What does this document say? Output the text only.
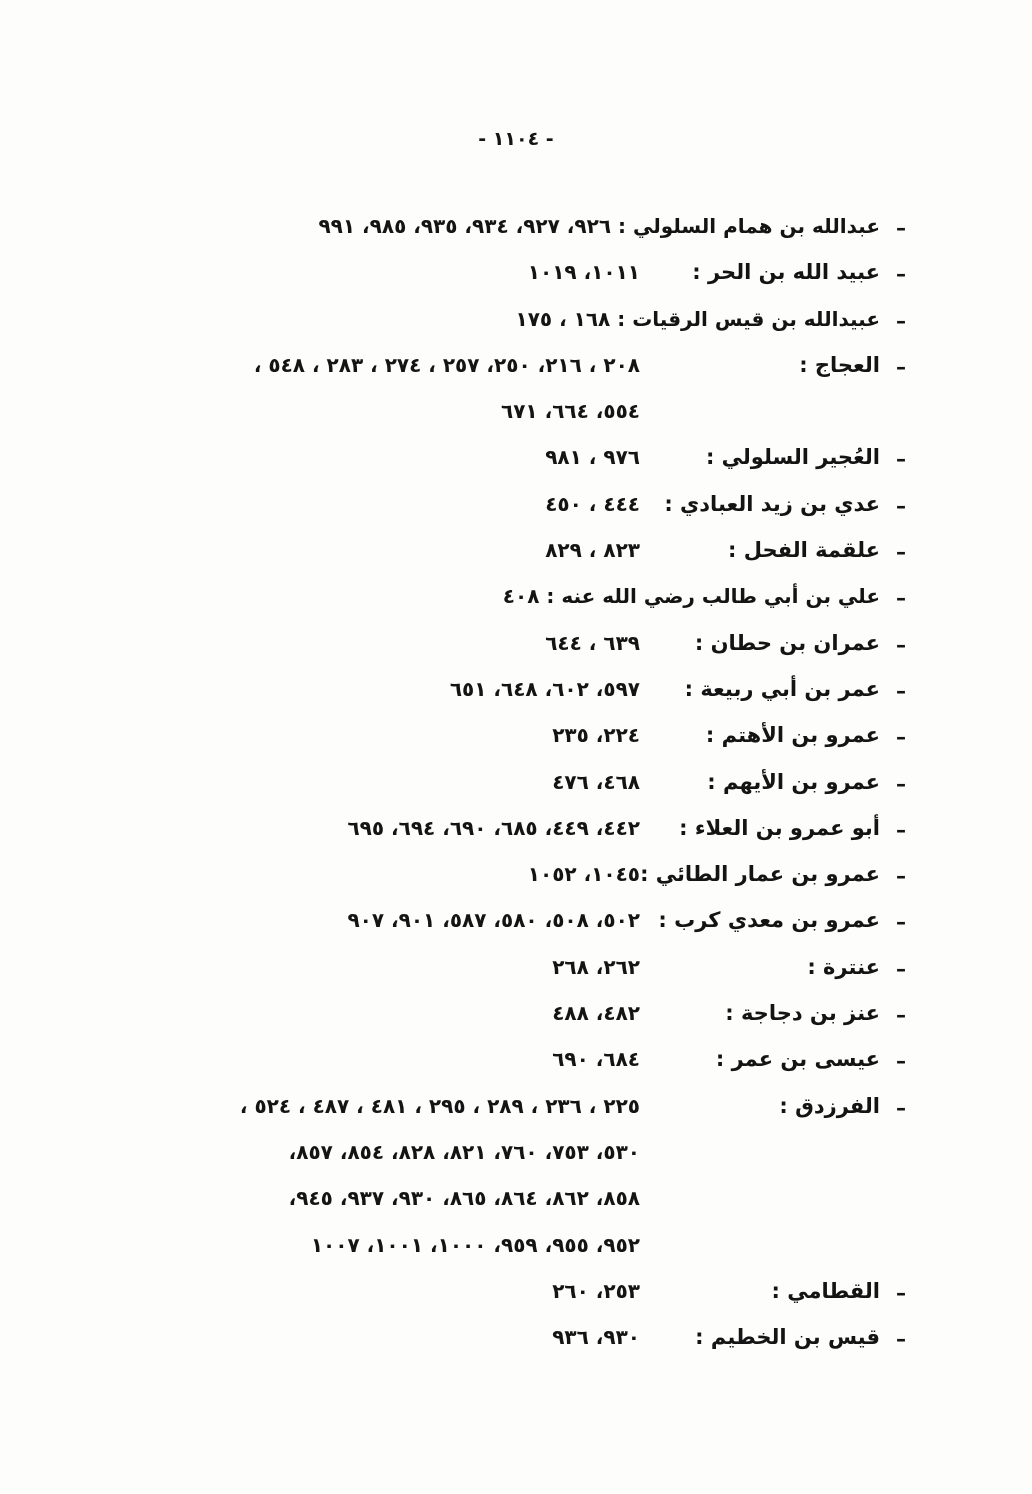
- ١١٠٤ -
–
عبدالله بن همام السلولي : ٩٢٦، ٩٢٧، ٩٣٤، ٩٣٥، ٩٨٥، ٩٩١
–
عبيد الله بن الحر :
١٠١١، ١٠١٩
–
عبيدالله بن قيس الرقيات : ١٦٨ ، ١٧٥
–
العجاج :
٢٠٨ ، ٢١٦، ٢٥٠، ٢٥٧ ، ٢٧٤ ، ٢٨٣ ، ٥٤٨ ،
٥٥٤، ٦٦٤، ٦٧١
–
العُجير السلولي :
٩٧٦ ، ٩٨١
–
عدي بن زيد العبادي :
٤٤٤ ، ٤٥٠
–
علقمة الفحل :
٨٢٣ ، ٨٢٩
–
علي بن أبي طالب رضي الله عنه : ٤٠٨
–
عمران بن حطان :
٦٣٩ ، ٦٤٤
–
عمر بن أبي ربيعة :
٥٩٧، ٦٠٢، ٦٤٨، ٦٥١
–
عمرو بن الأهتم :
٢٢٤، ٢٣٥
–
عمرو بن الأيهم :
٤٦٨، ٤٧٦
–
أبو عمرو بن العلاء :
٤٤٢، ٤٤٩، ٦٨٥، ٦٩٠، ٦٩٤، ٦٩٥
–
عمرو بن عمار الطائي :
١٠٤٥، ١٠٥٢
–
عمرو بن معدي كرب :
٥٠٢، ٥٠٨، ٥٨٠، ٥٨٧، ٩٠١، ٩٠٧
–
عنترة :
٢٦٢، ٢٦٨
–
عنز بن دجاجة :
٤٨٢، ٤٨٨
–
عيسى بن عمر :
٦٨٤، ٦٩٠
–
الفرزدق :
٢٢٥ ، ٢٣٦ ، ٢٨٩ ، ٢٩٥ ، ٤٨١ ، ٤٨٧ ، ٥٢٤ ،
٥٣٠، ٧٥٣، ٧٦٠، ٨٢١، ٨٢٨، ٨٥٤، ٨٥٧،
٨٥٨، ٨٦٢، ٨٦٤، ٨٦٥، ٩٣٠، ٩٣٧، ٩٤٥،
٩٥٢، ٩٥٥، ٩٥٩، ١٠٠٠، ١٠٠١، ١٠٠٧
–
القطامي :
٢٥٣، ٢٦٠
–
قيس بن الخطيم :
٩٣٠، ٩٣٦
